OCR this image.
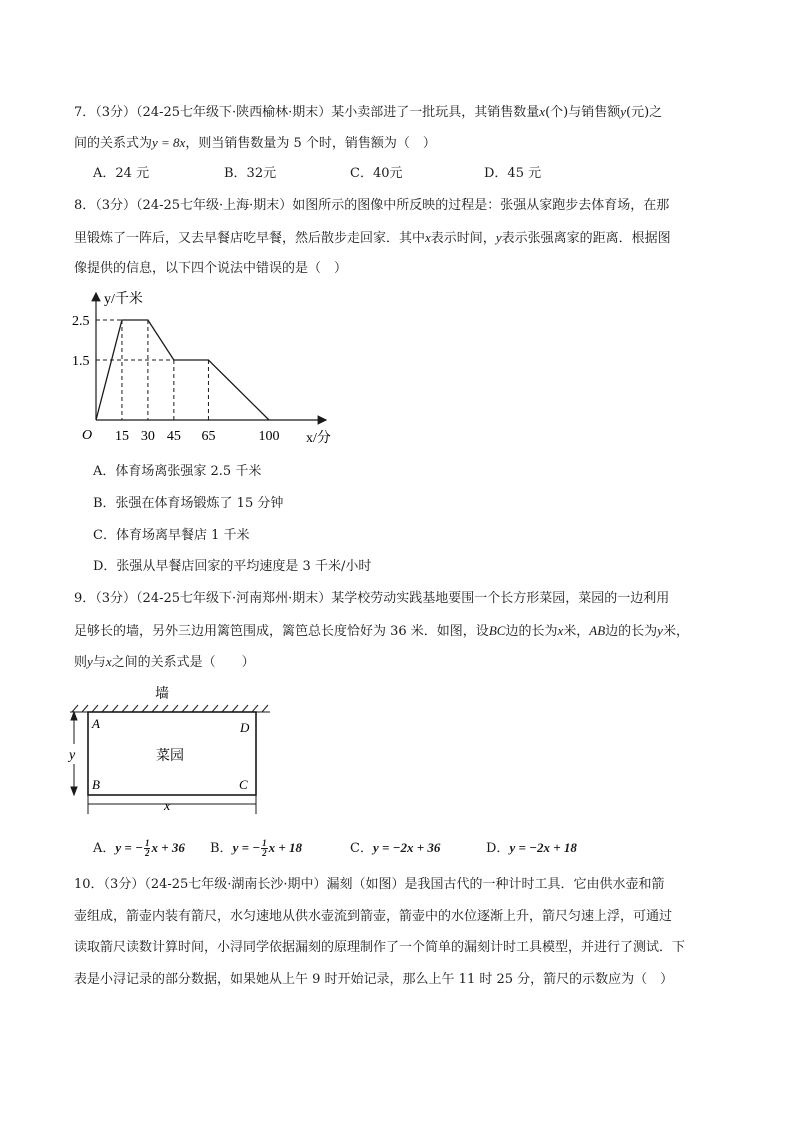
7．（3分）（24-25七年级下·陕西榆林·期末）某小卖部进了一批玩具，其销售数量x(个)与销售额y(元)之
间的关系式为y = 8x，则当销售数量为 5 个时，销售额为（　）
A．24 元	B．32元	C．40元	D．45 元
8．（3分）（24-25七年级·上海·期末）如图所示的图像中所反映的过程是：张强从家跑步去体育场，在那
里锻炼了一阵后，又去早餐店吃早餐，然后散步走回家．其中x表示时间，y表示张强离家的距离．根据图
像提供的信息，以下四个说法中错误的是（　）
15 30 45 65	100
2.5
1.5
O
y/千米
x/分
A．体育场离张强家 2.5 千米
B．张强在体育场锻炼了 15 分钟
C．体育场离早餐店 1 千米
D．张强从早餐店回家的平均速度是 3 千米/小时
9．（3分）（24-25七年级下·河南郑州·期末）某学校劳动实践基地要围一个长方形菜园，菜园的一边利用
足够长的墙，另外三边用篱笆围成，篱笆总长度恰好为 36 米．如图，设BC边的长为x米，AB边的长为y米，
则y与x之间的关系式是（　　）
墙
A	D
B	C
菜园
y
x
A．y = − $\frac{1}{2}$ x + 36 B．y = − $\frac{1}{2}$ x + 18	C．y = −2x + 36	D．y = −2x + 18
10．（3分）（24-25七年级·湖南长沙·期中）漏刻（如图）是我国古代的一种计时工具．它由供水壶和箭
壶组成，箭壶内装有箭尺，水匀速地从供水壶流到箭壶，箭壶中的水位逐渐上升，箭尺匀速上浮，可通过
读取箭尺读数计算时间，小浔同学依据漏刻的原理制作了一个简单的漏刻计时工具模型，并进行了测试．下
表是小浔记录的部分数据，如果她从上午 9 时开始记录，那么上午 11 时 25 分，箭尺的示数应为（　）
